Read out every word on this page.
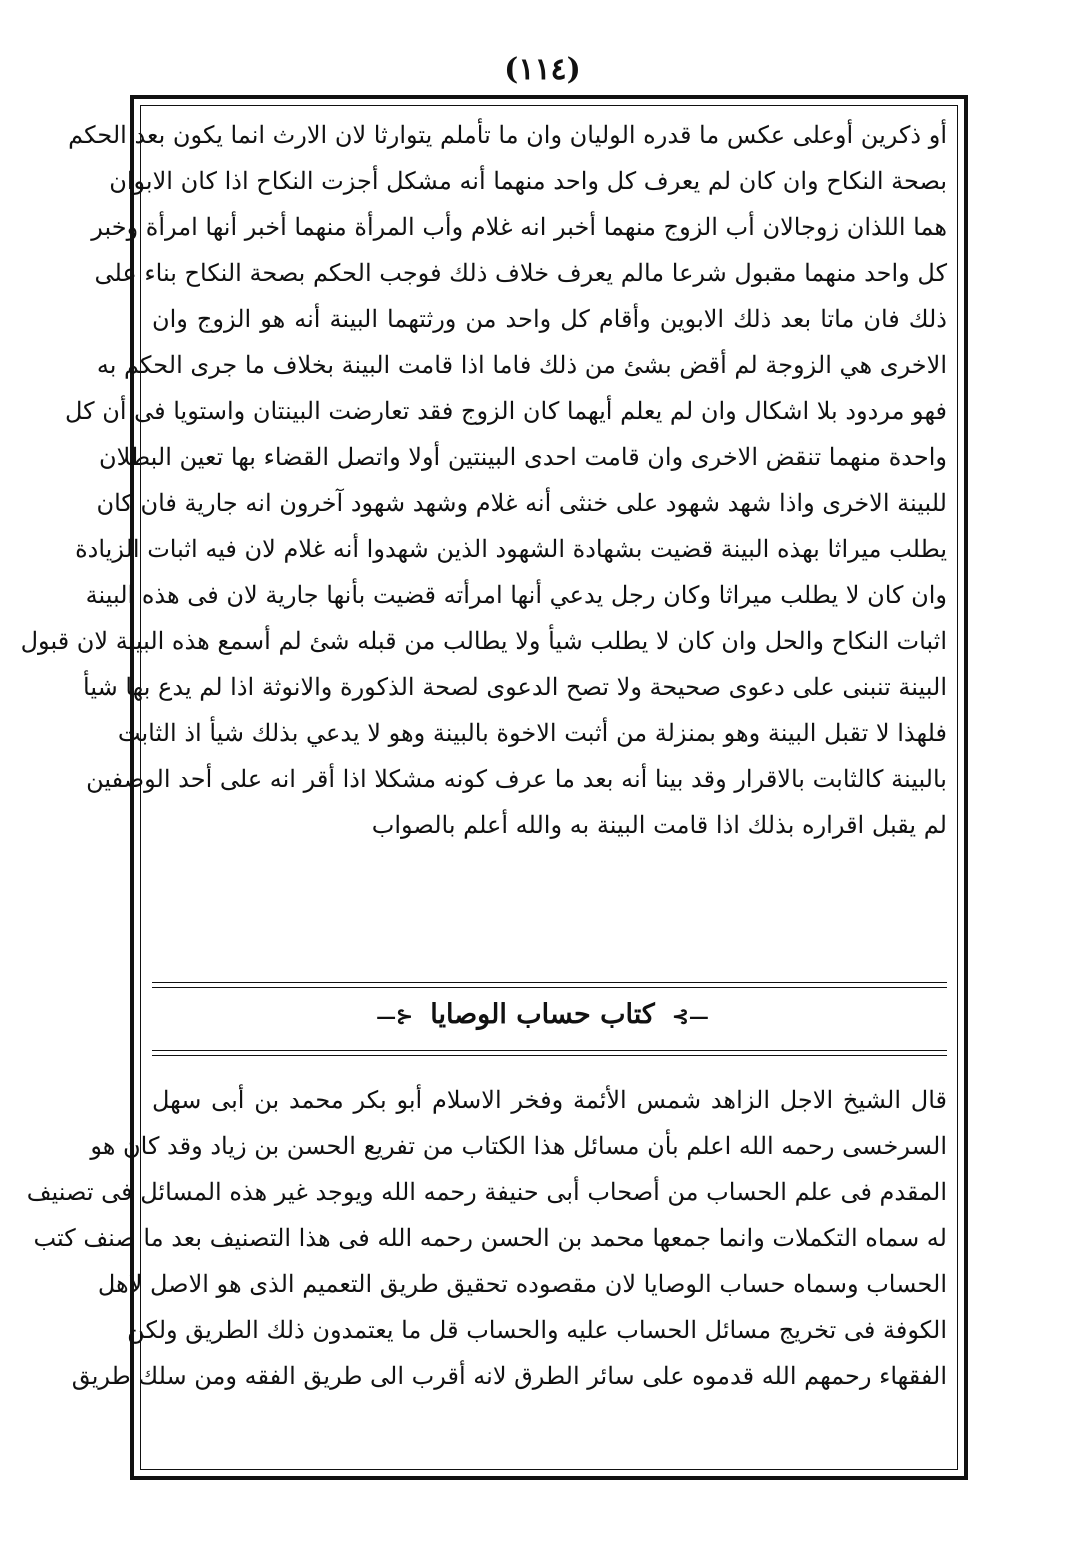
(١١٤)
أو ذكرين أوعلى عكس ما قدره الوليان وان ما تأملم يتوارثا لان الارث انما يكون بعد الحكم
بصحة النكاح وان كان لم يعرف كل واحد منهما أنه مشكل أجزت النكاح اذا كان الابوان
هما اللذان زوجالان أب الزوج منهما أخبر انه غلام وأب المرأة منهما أخبر أنها امرأة وخبر
كل واحد منهما مقبول شرعا مالم يعرف خلاف ذلك فوجب الحكم بصحة النكاح بناء على
ذلك فان ماتا بعد ذلك الابوين وأقام كل واحد من ورثتهما البينة أنه هو الزوج وان
الاخرى هي الزوجة لم أقض بشئ من ذلك فاما اذا قامت البينة بخلاف ما جرى الحكم به
فهو مردود بلا اشكال وان لم يعلم أيهما كان الزوج فقد تعارضت البينتان واستويا فى أن كل
واحدة منهما تنقض الاخرى وان قامت احدى البينتين أولا واتصل القضاء بها تعين البطلان
للبينة الاخرى واذا شهد شهود على خنثى أنه غلام وشهد شهود آخرون انه جارية فان كان
يطلب ميراثا بهذه البينة قضيت بشهادة الشهود الذين شهدوا أنه غلام لان فيه اثبات الزيادة
وان كان لا يطلب ميراثا وكان رجل يدعي أنها امرأته قضيت بأنها جارية لان فى هذه البينة
اثبات النكاح والحل وان كان لا يطلب شيأ ولا يطالب من قبله شئ لم أسمع هذه البينة لان قبول
البينة تنبنى على دعوى صحيحة ولا تصح الدعوى لصحة الذكورة والانوثة اذا لم يدع بها شيأ
فلهذا لا تقبل البينة وهو بمنزلة من أثبت الاخوة بالبينة وهو لا يدعي بذلك شيأ اذ الثابت
بالبينة كالثابت بالاقرار وقد بينا أنه بعد ما عرف كونه مشكلا اذا أقر انه على أحد الوصفين
لم يقبل اقراره بذلك اذا قامت البينة به والله أعلم بالصواب
—⊱ كتاب حساب الوصايا ⊰—
قال الشيخ الاجل الزاهد شمس الأئمة وفخر الاسلام أبو بكر محمد بن أبى سهل
السرخسى رحمه الله اعلم بأن مسائل هذا الكتاب من تفريع الحسن بن زياد وقد كان هو
المقدم فى علم الحساب من أصحاب أبى حنيفة رحمه الله ويوجد غير هذه المسائل فى تصنيف
له سماه التكملات وانما جمعها محمد بن الحسن رحمه الله فى هذا التصنيف بعد ما صنف كتب
الحساب وسماه حساب الوصايا لان مقصوده تحقيق طريق التعميم الذى هو الاصل لاهل
الكوفة فى تخريج مسائل الحساب عليه والحساب قل ما يعتمدون ذلك الطريق ولكن
الفقهاء رحمهم الله قدموه على سائر الطرق لانه أقرب الى طريق الفقه ومن سلك طريق
